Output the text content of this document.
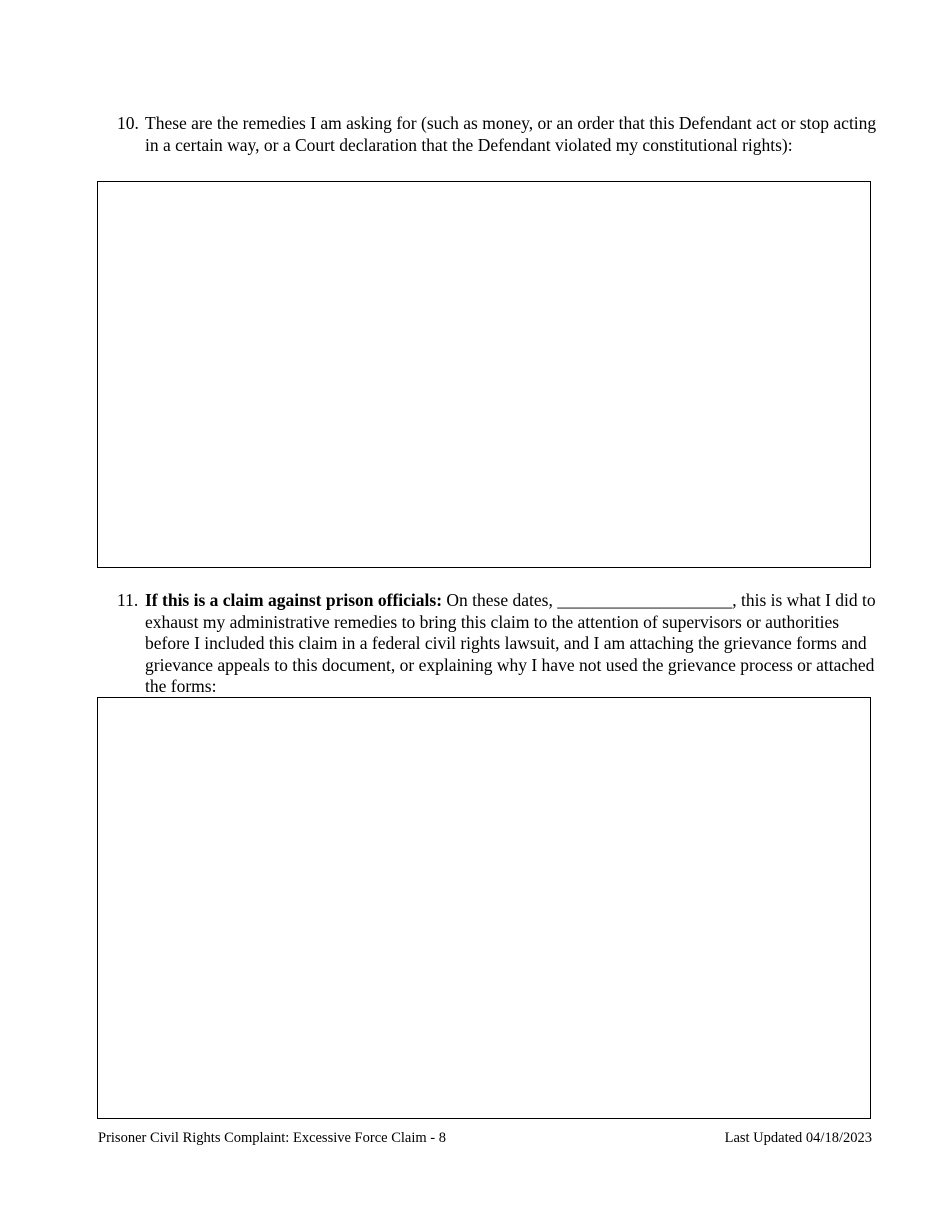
10. These are the remedies I am asking for (such as money, or an order that this Defendant act or stop acting in a certain way, or a Court declaration that the Defendant violated my constitutional rights):
11. If this is a claim against prison officials: On these dates, ____________________, this is what I did to exhaust my administrative remedies to bring this claim to the attention of supervisors or authorities before I included this claim in a federal civil rights lawsuit, and I am attaching the grievance forms and grievance appeals to this document, or explaining why I have not used the grievance process or attached the forms:
Prisoner Civil Rights Complaint: Excessive Force Claim - 8	Last Updated 04/18/2023
